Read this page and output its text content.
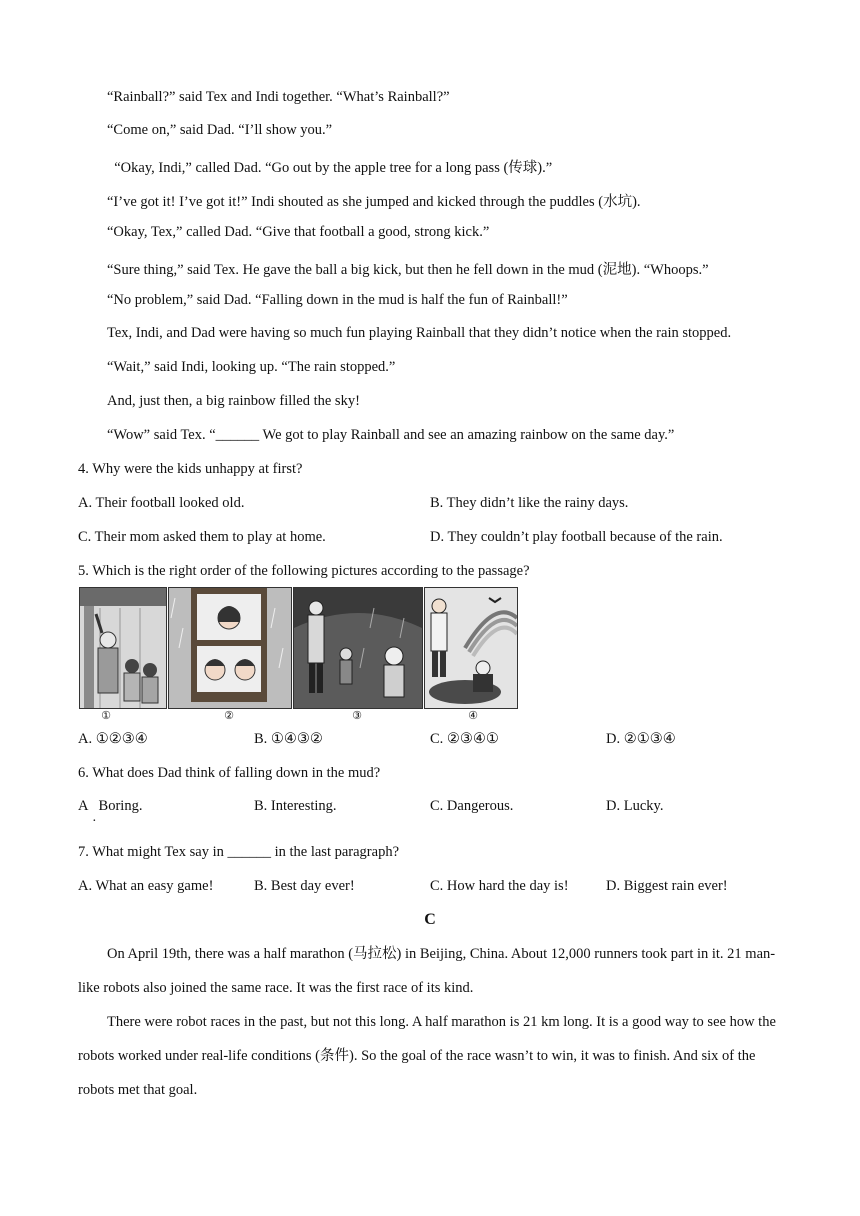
“Rainball?” said Tex and Indi together. “What’s Rainball?”
“Come on,” said Dad. “I’ll show you.”
“Okay, Indi,” called Dad. “Go out by the apple tree for a long pass (传球).”
“I’ve got it! I’ve got it!” Indi shouted as she jumped and kicked through the puddles (水坑).
“Okay, Tex,” called Dad. “Give that football a good, strong kick.”
“Sure thing,” said Tex. He gave the ball a big kick, but then he fell down in the mud (泥地). “Whoops.”
“No problem,” said Dad. “Falling down in the mud is half the fun of Rainball!”
Tex, Indi, and Dad were having so much fun playing Rainball that they didn’t notice when the rain stopped.
“Wait,” said Indi, looking up. “The rain stopped.”
And, just then, a big rainbow filled the sky!
“Wow” said Tex. “______ We got to play Rainball and see an amazing rainbow on the same day.”
4. Why were the kids unhappy at first?
A. Their football looked old.	B. They didn’t like the rainy days.
C. Their mom asked them to play at home.	D. They couldn’t play football because of the rain.
5. Which is the right order of the following pictures according to the passage?
①	②	③	④
A. ①②③④	B. ①④③②	C. ②③④①	D. ②①③④
6. What does Dad think of falling down in the mud?
A   Boring.
·
B. Interesting.	C. Dangerous.	D. Lucky.
7. What might Tex say in ______ in the last paragraph?
A. What an easy game!	B. Best day ever!	C. How hard the day is!	D. Biggest rain ever!
C
On April 19th, there was a half marathon (马拉松) in Beijing, China. About 12,000 runners took part in it. 21 man-like robots also joined the same race. It was the first race of its kind.
There were robot races in the past, but not this long. A half marathon is 21 km long. It is a good way to see how the robots worked under real-life conditions (条件). So the goal of the race wasn’t to win, it was to finish. And six of the robots met that goal.
